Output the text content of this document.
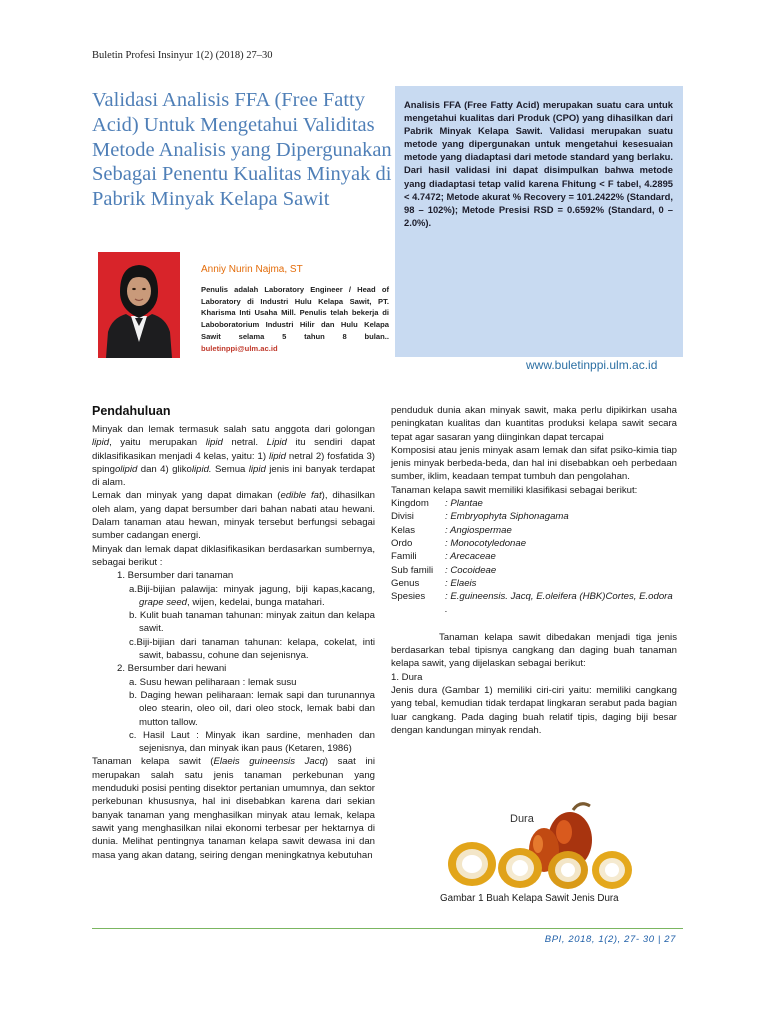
Buletin Profesi Insinyur 1(2) (2018) 27–30
Validasi Analisis FFA (Free Fatty Acid) Untuk Mengetahui Validitas Metode Analisis yang Dipergunakan Sebagai Penentu Kualitas Minyak di Pabrik Minyak Kelapa Sawit

Analisis FFA (Free Fatty Acid) merupakan suatu cara untuk mengetahui kualitas dari Produk (CPO) yang dihasilkan dari Pabrik Minyak Kelapa Sawit. Validasi merupakan suatu metode yang dipergunakan untuk mengetahui kesesuaian metode yang diadaptasi dari metode standard yang berlaku. Dari hasil validasi ini dapat disimpulkan bahwa metode yang diadaptasi tetap valid karena Fhitung < F tabel, 4.2895 < 4.7472; Metode akurat % Recovery = 101.2422% (Standard, 98 – 102%); Metode Presisi RSD = 0.6592% (Standard, 0 – 2.0%).

Anniy Nurin Najma, ST
Penulis adalah Laboratory Engineer / Head of Laboratory di Industri Hulu Kelapa Sawit, PT. Kharisma Inti Usaha Mill. Penulis telah bekerja di Laboboratorium Industri Hilir dan Hulu Kelapa Sawit selama 5 tahun 8 bulan.. buletinppi@ulm.ac.id
www.buletinppi.ulm.ac.id
Pendahuluan

Minyak dan lemak termasuk salah satu anggota dari golongan lipid, yaitu merupakan lipid netral. Lipid itu sendiri dapat diklasifikasikan menjadi 4 kelas, yaitu: 1) lipid netral 2) fosfatida 3) spingolipid dan 4) glikolipid. Semua lipid jenis ini banyak terdapat di alam.

Lemak dan minyak yang dapat dimakan (edible fat), dihasilkan oleh alam, yang dapat bersumber dari bahan nabati atau hewani. Dalam tanaman atau hewan, minyak tersebut berfungsi sebagai sumber cadangan energi.

Minyak dan lemak dapat diklasifikasikan berdasarkan sumbernya, sebagai berikut :

1. Bersumber dari tanaman

a.Biji-bijian palawija: minyak jagung, biji kapas,kacang, grape seed, wijen, kedelai, bunga matahari.

b. Kulit buah tanaman tahunan: minyak zaitun dan kelapa sawit.

c.Biji-bijian dari tanaman tahunan: kelapa, cokelat, inti sawit, babassu, cohune dan sejenisnya.

2. Bersumber dari hewani

a. Susu hewan peliharaan : lemak susu

b. Daging hewan peliharaan: lemak sapi dan turunannya oleo stearin, oleo oil, dari oleo stock, lemak babi dan mutton tallow.

c. Hasil Laut : Minyak ikan sardine, menhaden dan sejenisnya, dan minyak ikan paus (Ketaren, 1986)

Tanaman kelapa sawit (Elaeis guineensis Jacq) saat ini merupakan salah satu jenis tanaman perkebunan yang menduduki posisi penting disektor pertanian umumnya, dan sektor perkebunan khususnya, hal ini disebabkan karena dari sekian banyak tanaman yang menghasilkan minyak atau lemak, kelapa sawit yang menghasilkan nilai ekonomi terbesar per hektarnya di dunia. Melihat pentingnya tanaman kelapa sawit dewasa ini dan masa yang akan datang, seiring dengan meningkatnya kebutuhan

penduduk dunia akan minyak sawit, maka perlu dipikirkan usaha peningkatan kualitas dan kuantitas produksi kelapa sawit secara tepat agar sasaran yang diinginkan dapat tercapai

Komposisi atau jenis minyak asam lemak dan sifat psiko-kimia tiap jenis minyak berbeda-beda, dan hal ini disebabkan oeh perbedaan sumber, iklim, keadaan tempat tumbuh dan pengolahan.

Tanaman kelapa sawit memiliki klasifikasi sebagai berikut:

Kingdom	: Plantae
Divisi	: Embryophyta Siphonagama
Kelas	: Angiospermae
Ordo	: Monocotyledonae
Famili	: Arecaceae
Sub famili	: Cocoideae
Genus	: Elaeis
Spesies	: E.guineensis. Jacq, E.oleifera (HBK)Cortes, E.odora .

Tanaman kelapa sawit dibedakan menjadi tiga jenis berdasarkan tebal tipisnya cangkang dan daging buah tanaman kelapa sawit, yang dijelaskan sebagai berikut:

1. Dura

Jenis dura (Gambar 1) memiliki ciri-ciri yaitu: memiliki cangkang yang tebal, kemudian tidak terdapat lingkaran serabut pada bagian luar cangkang. Pada daging buah relatif tipis, daging biji besar dengan kandungan minyak rendah.

Dura
Gambar 1 Buah Kelapa Sawit Jenis Dura
BPI, 2018, 1(2), 27- 30 | 27
